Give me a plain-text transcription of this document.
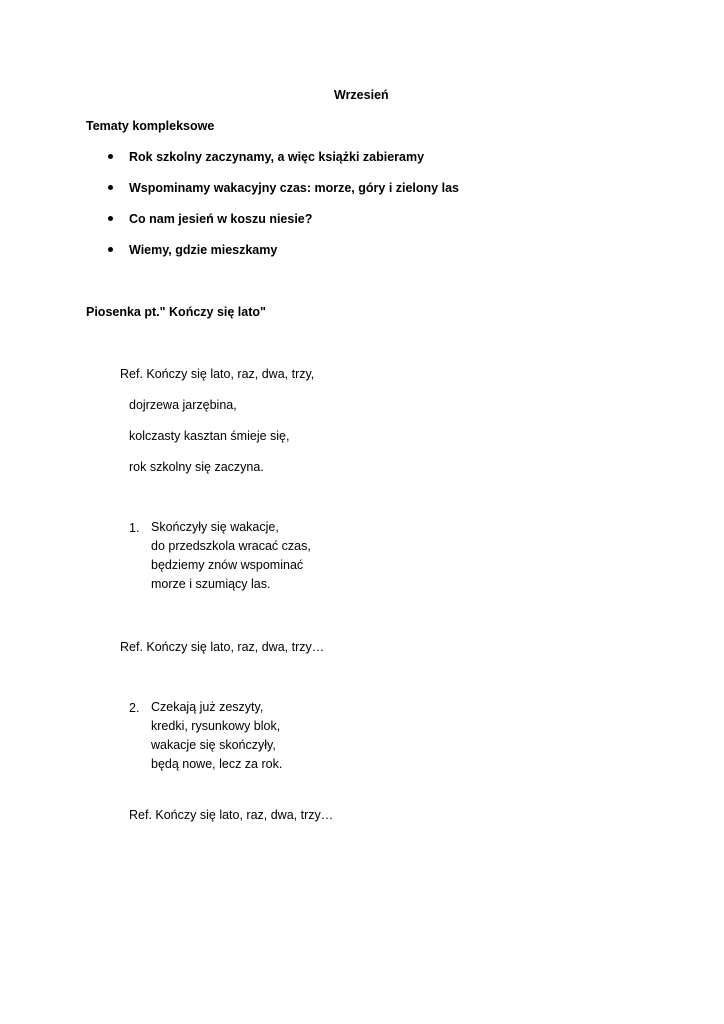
Wrzesień
Tematy kompleksowe
Rok szkolny zaczynamy, a więc książki zabieramy
Wspominamy wakacyjny czas: morze, góry i zielony las
Co nam jesień w koszu niesie?
Wiemy, gdzie mieszkamy
Piosenka pt." Kończy się lato"
Ref. Kończy się lato, raz, dwa, trzy,
dojrzewa jarzębina,
kolczasty kasztan śmieje się,
rok szkolny się zaczyna.
1. Skończyły się wakacje,
do przedszkola wracać czas,
będziemy znów wspominać
morze i szumiący las.
Ref. Kończy się lato, raz, dwa, trzy…
2. Czekają już zeszyty,
kredki, rysunkowy blok,
wakacje się skończyły,
będą nowe, lecz za rok.
Ref. Kończy się lato, raz, dwa, trzy…
